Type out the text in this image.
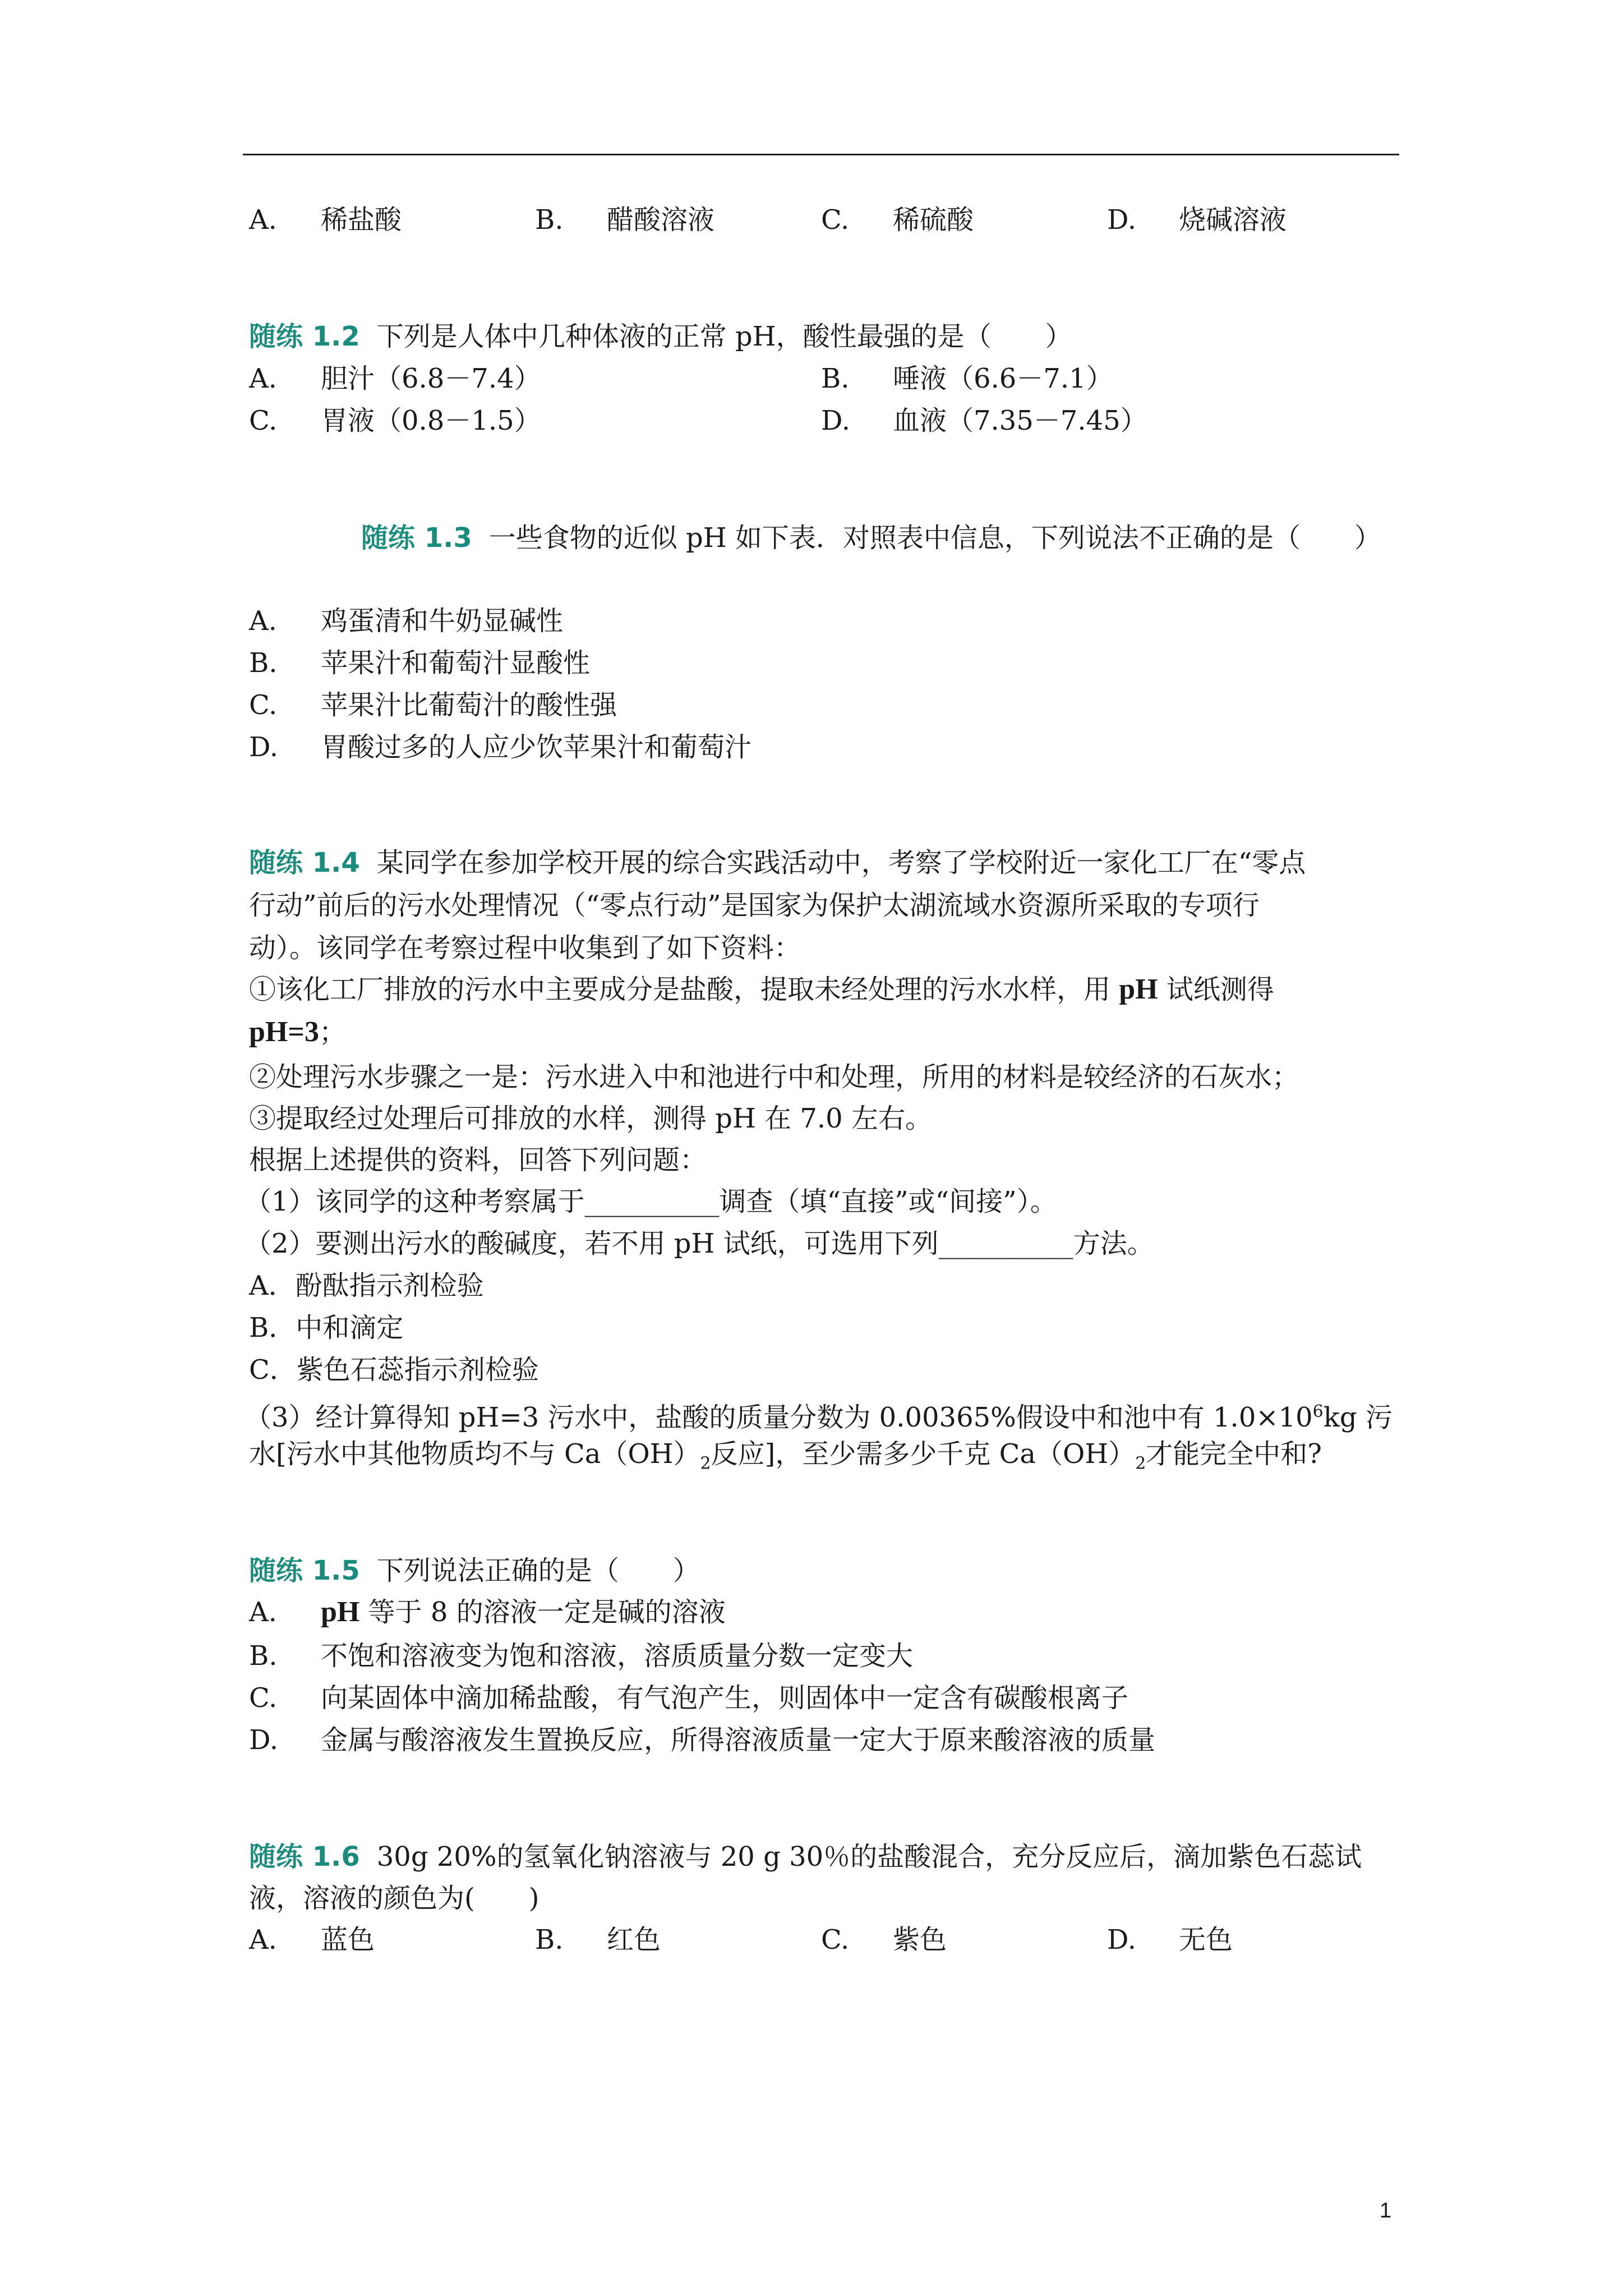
A. 稀盐酸	B. 醋酸溶液	C. 稀硫酸	D. 烧碱溶液
随练 1.2 下列是人体中几种体液的正常 pH，酸性最强的是（　　）
A. 胆汁（6.8－7.4）	B. 唾液（6.6－7.1）
C. 胃液（0.8－1.5）	D. 血液（7.35－7.45）
随练 1.3 一些食物的近似 pH 如下表．对照表中信息，下列说法不正确的是（　　）
A. 鸡蛋清和牛奶显碱性
B. 苹果汁和葡萄汁显酸性
C. 苹果汁比葡萄汁的酸性强
D. 胃酸过多的人应少饮苹果汁和葡萄汁
随练 1.4 某同学在参加学校开展的综合实践活动中，考察了学校附近一家化工厂在“零点
行动”前后的污水处理情况（“零点行动”是国家为保护太湖流域水资源所采取的专项行
动）。该同学在考察过程中收集到了如下资料：
①该化工厂排放的污水中主要成分是盐酸，提取未经处理的污水水样，用 pH 试纸测得
pH=3；
②处理污水步骤之一是：污水进入中和池进行中和处理，所用的材料是较经济的石灰水；
③提取经过处理后可排放的水样，测得 pH 在 7.0 左右。
根据上述提供的资料，回答下列问题：
（1）该同学的这种考察属于__________调查（填“直接”或“间接”）。
（2）要测出污水的酸碱度，若不用 pH 试纸，可选用下列__________方法。
A．酚酞指示剂检验
B．中和滴定
C．紫色石蕊指示剂检验
（3）经计算得知 pH=3 污水中，盐酸的质量分数为 0.00365%假设中和池中有 $1.0\times 10^6kg$ 污
水[污水中其他物质均不与 $Ca(OH)_2$反应]，至少需多少千克 $Ca(OH)_2$才能完全中和?
随练 1.5 下列说法正确的是（　　）
A. pH 等于 8 的溶液一定是碱的溶液
B. 不饱和溶液变为饱和溶液，溶质质量分数一定变大
C. 向某固体中滴加稀盐酸，有气泡产生，则固体中一定含有碳酸根离子
D. 金属与酸溶液发生置换反应，所得溶液质量一定大于原来酸溶液的质量
随练 1.6 30g 20%的氢氧化钠溶液与 20 g 30％的盐酸混合，充分反应后，滴加紫色石蕊试
液，溶液的颜色为(　　)
A. 蓝色	B. 红色	C. 紫色	D. 无色
1
